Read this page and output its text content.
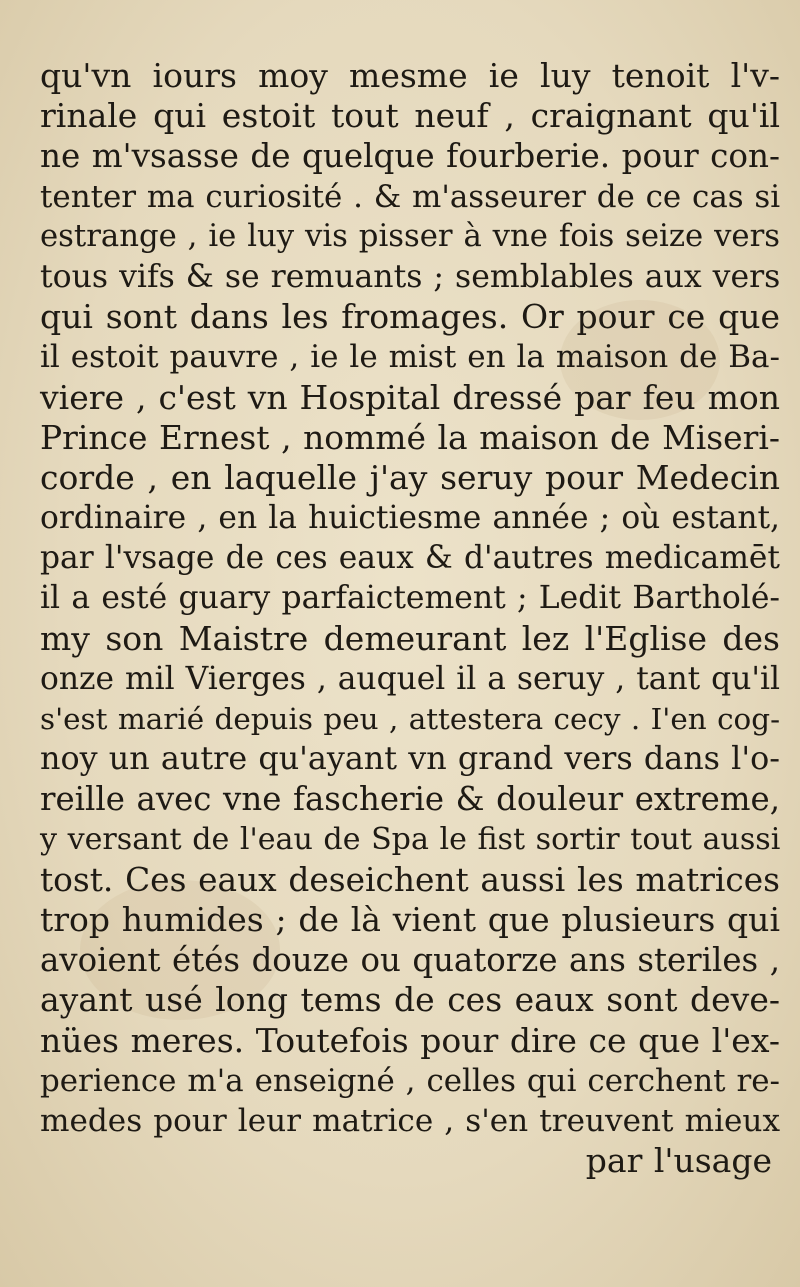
qu'vn iours moy mesme ie luy tenoit l'v-
rinale qui estoit tout neuf , craignant qu'il
ne m'vsasse de quelque fourberie. pour con-
tenter ma curiosité . & m'asseurer de ce cas si
estrange , ie luy vis pisser à vne fois seize vers
tous vifs & se remuants ; semblables aux vers
qui sont dans les fromages. Or pour ce que
il estoit pauvre , ie le mist en la maison de Ba-
viere , c'est vn Hospital dressé par feu mon
Prince Ernest , nommé la maison de Miseri-
corde , en laquelle j'ay seruy pour Medecin
ordinaire , en la huictiesme année ; où estant,
par l'vsage de ces eaux & d'autres medicamēt
il a esté guary parfaictement ; Ledit Bartholé-
my son Maistre demeurant lez l'Eglise des
onze mil Vierges , auquel il a seruy , tant qu'il
s'est marié depuis peu , attestera cecy . I'en cog-
noy un autre qu'ayant vn grand vers dans l'o-
reille avec vne fascherie & douleur extreme,
y versant de l'eau de Spa le fist sortir tout aussi
tost. Ces eaux deseichent aussi les matrices
trop humides ; de là vient que plusieurs qui
avoient étés douze ou quatorze ans steriles ,
ayant usé long tems de ces eaux sont deve-
nües meres. Toutefois pour dire ce que l'ex-
perience m'a enseigné , celles qui cerchent re-
medes pour leur matrice , s'en treuvent mieux
par l'usage
